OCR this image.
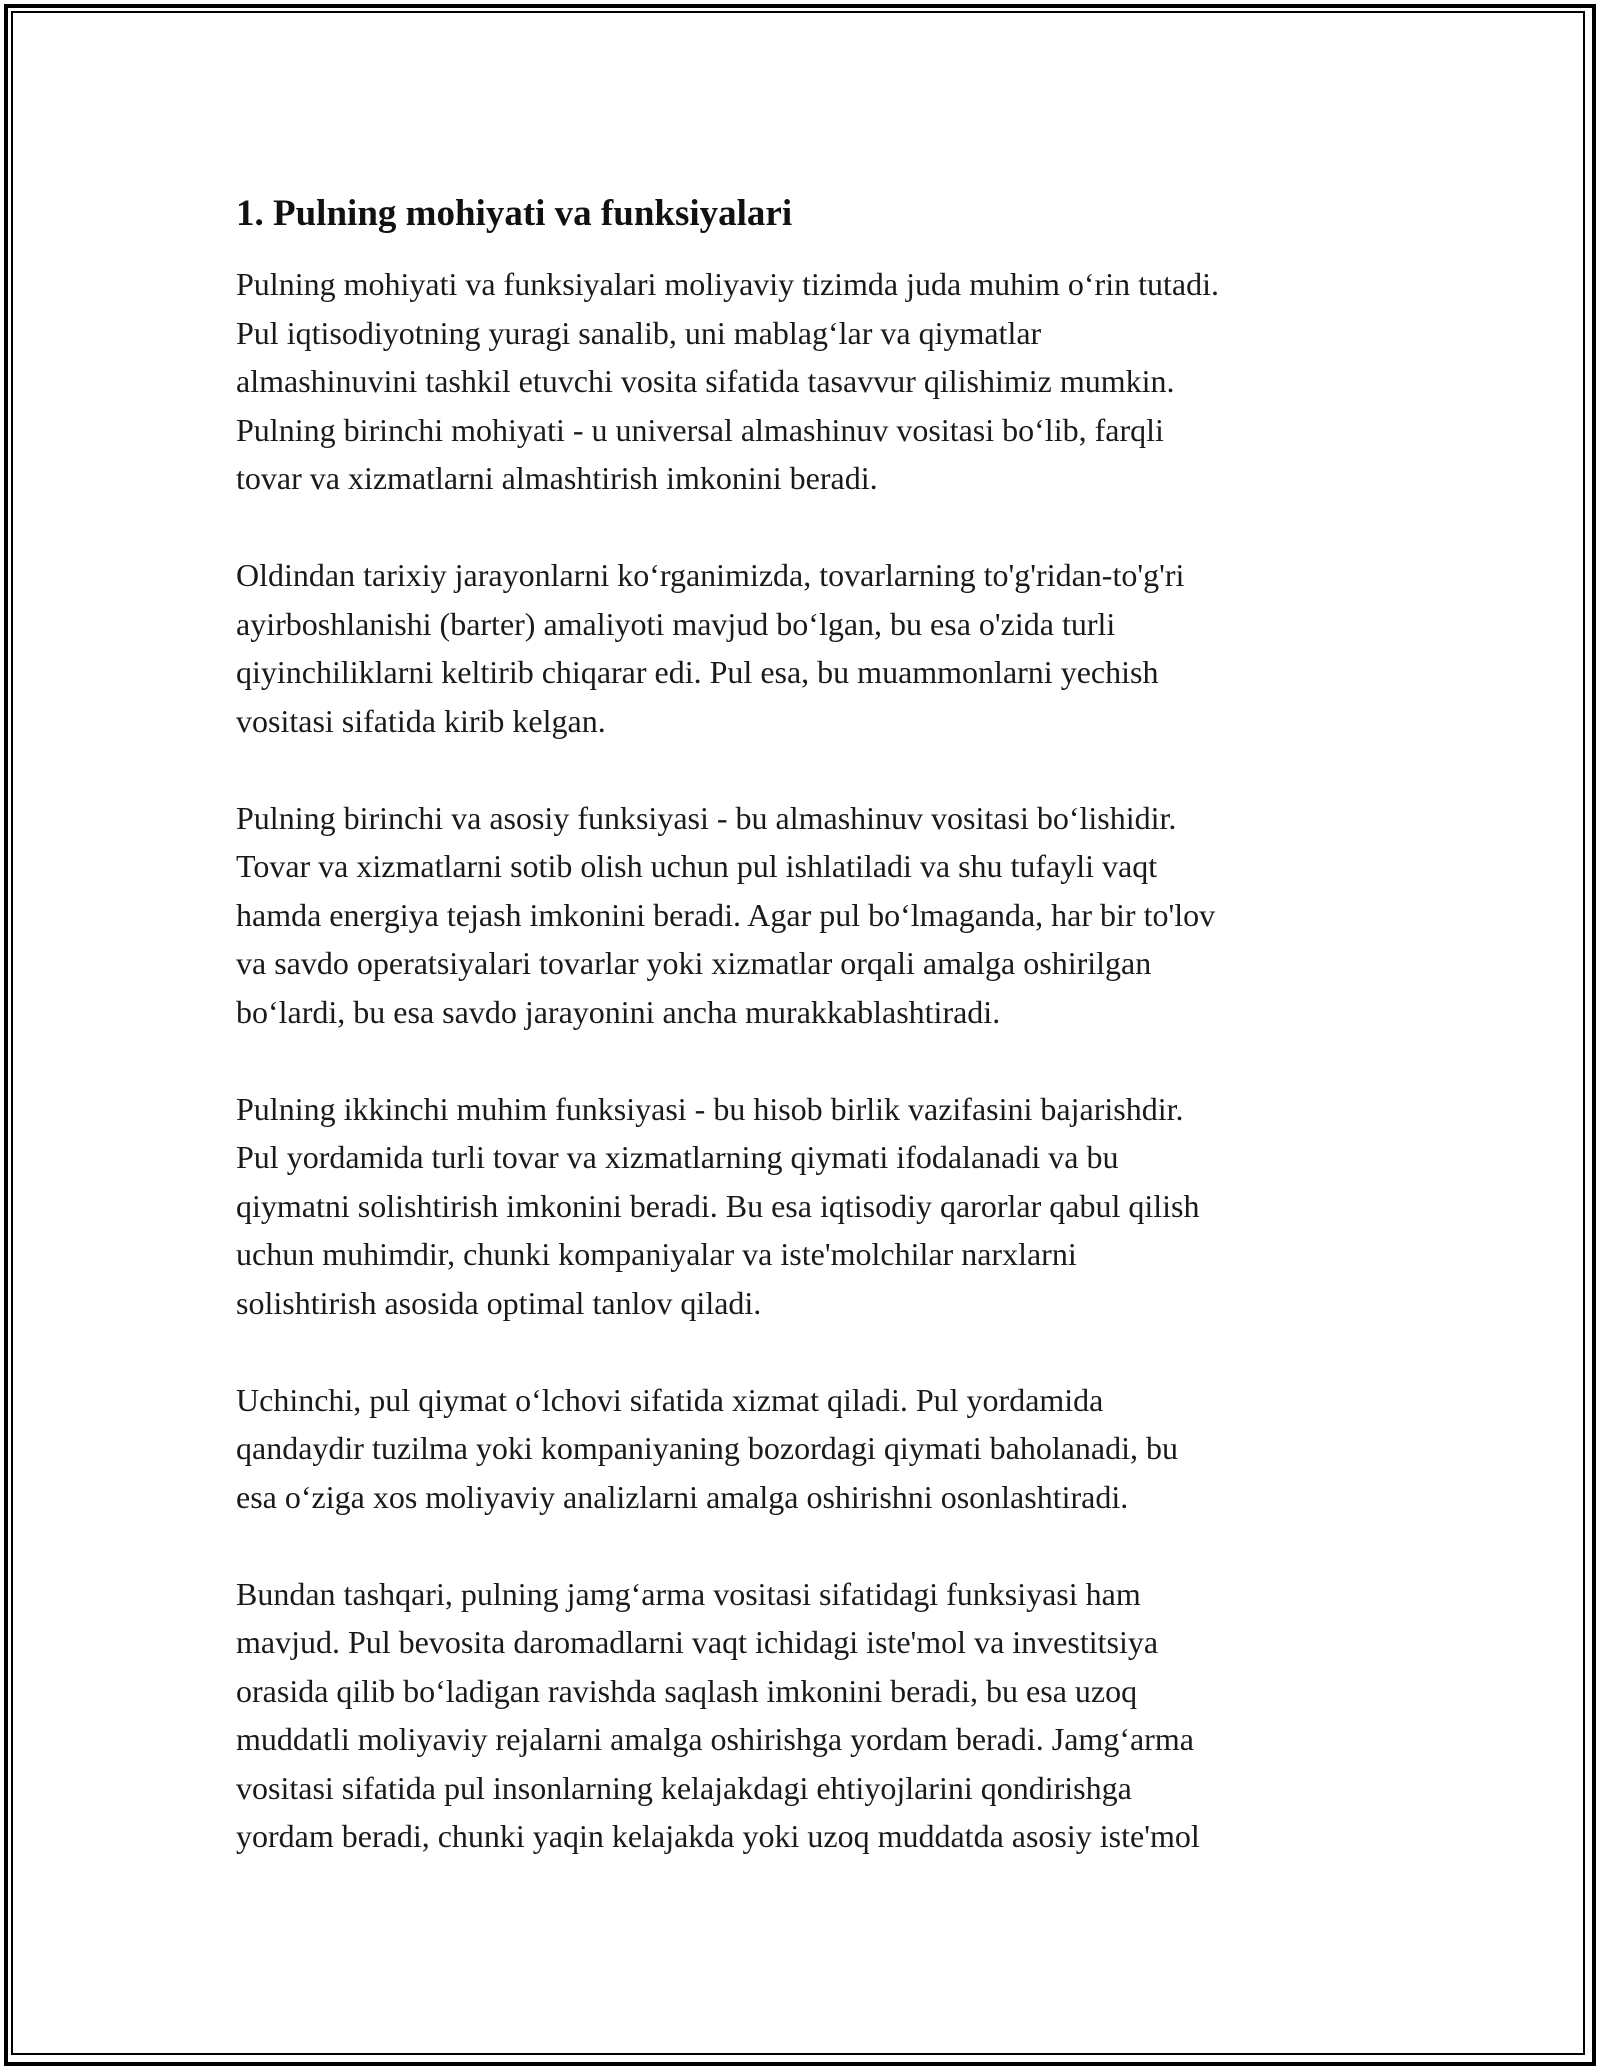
1. Pulning mohiyati va funksiyalari

Pulning mohiyati va funksiyalari moliyaviy tizimda juda muhim o‘rin tutadi.
Pul iqtisodiyotning yuragi sanalib, uni mablag‘lar va qiymatlar
almashinuvini tashkil etuvchi vosita sifatida tasavvur qilishimiz mumkin.
Pulning birinchi mohiyati - u universal almashinuv vositasi bo‘lib, farqli
tovar va xizmatlarni almashtirish imkonini beradi.

Oldindan tarixiy jarayonlarni ko‘rganimizda, tovarlarning to'g'ridan-to'g'ri
ayirboshlanishi (barter) amaliyoti mavjud bo‘lgan, bu esa o'zida turli
qiyinchiliklarni keltirib chiqarar edi. Pul esa, bu muammonlarni yechish
vositasi sifatida kirib kelgan.

Pulning birinchi va asosiy funksiyasi - bu almashinuv vositasi bo‘lishidir.
Tovar va xizmatlarni sotib olish uchun pul ishlatiladi va shu tufayli vaqt
hamda energiya tejash imkonini beradi. Agar pul bo‘lmaganda, har bir to'lov
va savdo operatsiyalari tovarlar yoki xizmatlar orqali amalga oshirilgan
bo‘lardi, bu esa savdo jarayonini ancha murakkablashtiradi.

Pulning ikkinchi muhim funksiyasi - bu hisob birlik vazifasini bajarishdir.
Pul yordamida turli tovar va xizmatlarning qiymati ifodalanadi va bu
qiymatni solishtirish imkonini beradi. Bu esa iqtisodiy qarorlar qabul qilish
uchun muhimdir, chunki kompaniyalar va iste'molchilar narxlarni
solishtirish asosida optimal tanlov qiladi.

Uchinchi, pul qiymat o‘lchovi sifatida xizmat qiladi. Pul yordamida
qandaydir tuzilma yoki kompaniyaning bozordagi qiymati baholanadi, bu
esa o‘ziga xos moliyaviy analizlarni amalga oshirishni osonlashtiradi.

Bundan tashqari, pulning jamg‘arma vositasi sifatidagi funksiyasi ham
mavjud. Pul bevosita daromadlarni vaqt ichidagi iste'mol va investitsiya
orasida qilib bo‘ladigan ravishda saqlash imkonini beradi, bu esa uzoq
muddatli moliyaviy rejalarni amalga oshirishga yordam beradi. Jamg‘arma
vositasi sifatida pul insonlarning kelajakdagi ehtiyojlarini qondirishga
yordam beradi, chunki yaqin kelajakda yoki uzoq muddatda asosiy iste'mol
